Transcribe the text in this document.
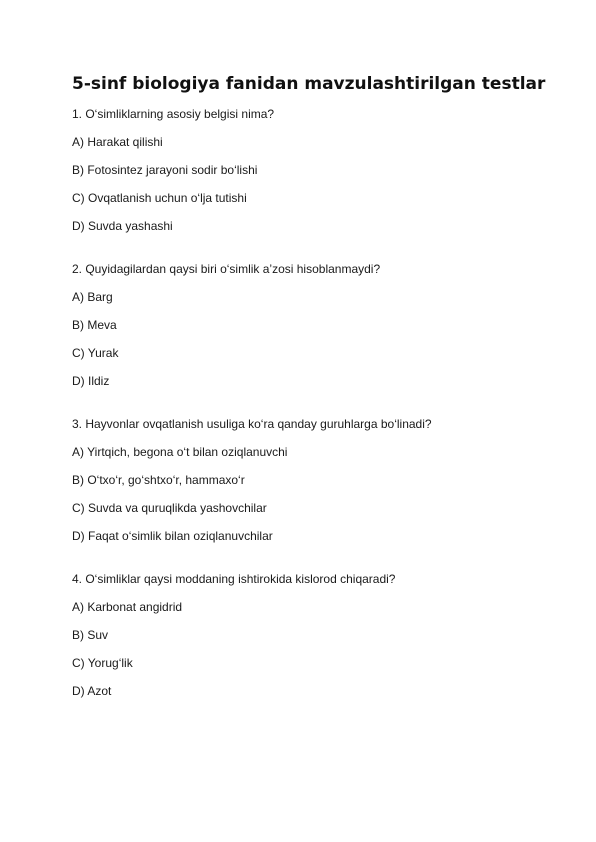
5-sinf biologiya fanidan mavzulashtirilgan testlar
1. O‘simliklarning asosiy belgisi nima?
A) Harakat qilishi
B) Fotosintez jarayoni sodir bo‘lishi
C) Ovqatlanish uchun o‘lja tutishi
D) Suvda yashashi
2. Quyidagilardan qaysi biri o‘simlik a’zosi hisoblanmaydi?
A) Barg
B) Meva
C) Yurak
D) Ildiz
3. Hayvonlar ovqatlanish usuliga ko‘ra qanday guruhlarga bo‘linadi?
A) Yirtqich, begona o‘t bilan oziqlanuvchi
B) O‘txo‘r, go‘shtxo‘r, hammaxo‘r
C) Suvda va quruqlikda yashovchilar
D) Faqat o‘simlik bilan oziqlanuvchilar
4. O‘simliklar qaysi moddaning ishtirokida kislorod chiqaradi?
A) Karbonat angidrid
B) Suv
C) Yorug‘lik
D) Azot
